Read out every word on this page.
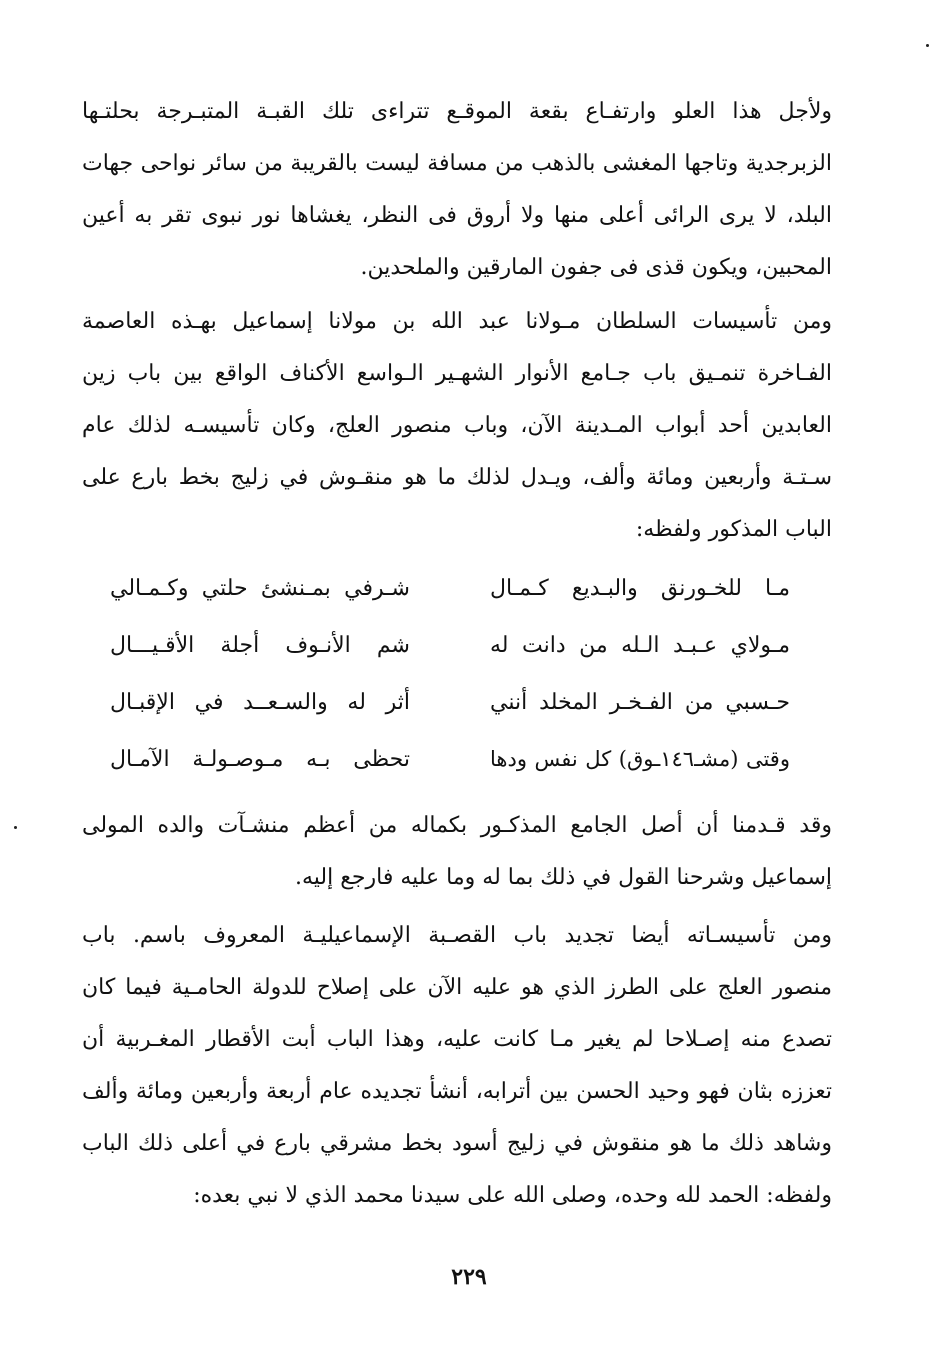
ولأجل هذا العلو وارتفـاع بقعة الموقـع تتراءى تلك القبـة المتبـرجة بحلتـها
الزبرجدية وتاجها المغشى بالذهب من مسافة ليست بالقريبة من سائر نواحى جهات
البلد، لا يرى الرائى أعلى منها ولا أروق فى النظر، يغشاها نور نبوى تقر به أعين
المحبين، ويكون قذى فى جفون المارقين والملحدين.
ومن تأسيسات السلطان مـولانا عبد الله بن مولانا إسماعيل بهـذه العاصمة
الفـاخرة تنمـيق باب جـامع الأنوار الشهـير الـواسع الأكناف الواقع بين باب زين
العابدين أحد أبواب المـدينة الآن، وباب منصور العلج، وكان تأسيسـه لذلك عام
سـتـة وأربعين ومائة وألف، ويـدل لذلك ما هو منقـوش في زليج بخط بارع على
الباب المذكور ولفظه:
مـا للخـورنق والبـديع كـمـال
شـرفي بمـنشئ حلتي وكـمـالي
مـولاي عـبـد الـله من دانت له
شم الأنـوف أجلة الأقـيـــال
حـسبي من الفـخـر المخلد أنني
أثر له والسـعــد في الإقبـال
وقتى (مشـ١٤٦ـوق) كل نفس ودها
تحظى بـه مـوصـولـة الآمـال
وقد قـدمنا أن أصل الجامع المذكـور بكماله من أعظم منشـآت والده المولى
إسماعيل وشرحنا القول في ذلك بما له وما عليه فارجع إليه.
ومن تأسيسـاته أيضا تجديد باب القصـبة الإسماعيليـة المعروف باسم. باب
منصور العلج على الطرز الذي هو عليه الآن على إصلاح للدولة الحامـية فيما كان
تصدع منه إصـلاحا لم يغير مـا كانت عليه، وهذا الباب أبت الأقطار المغـربية أن
تعززه بثان فهو وحيد الحسن بين أترابه، أنشأ تجديده عام أربعة وأربعين ومائة وألف
وشاهد ذلك ما هو منقوش في زليج أسود بخط مشرقي بارع في أعلى ذلك الباب
ولفظه: الحمد لله وحده، وصلى الله على سيدنا محمد الذي لا نبي بعده:
٢٢٩
